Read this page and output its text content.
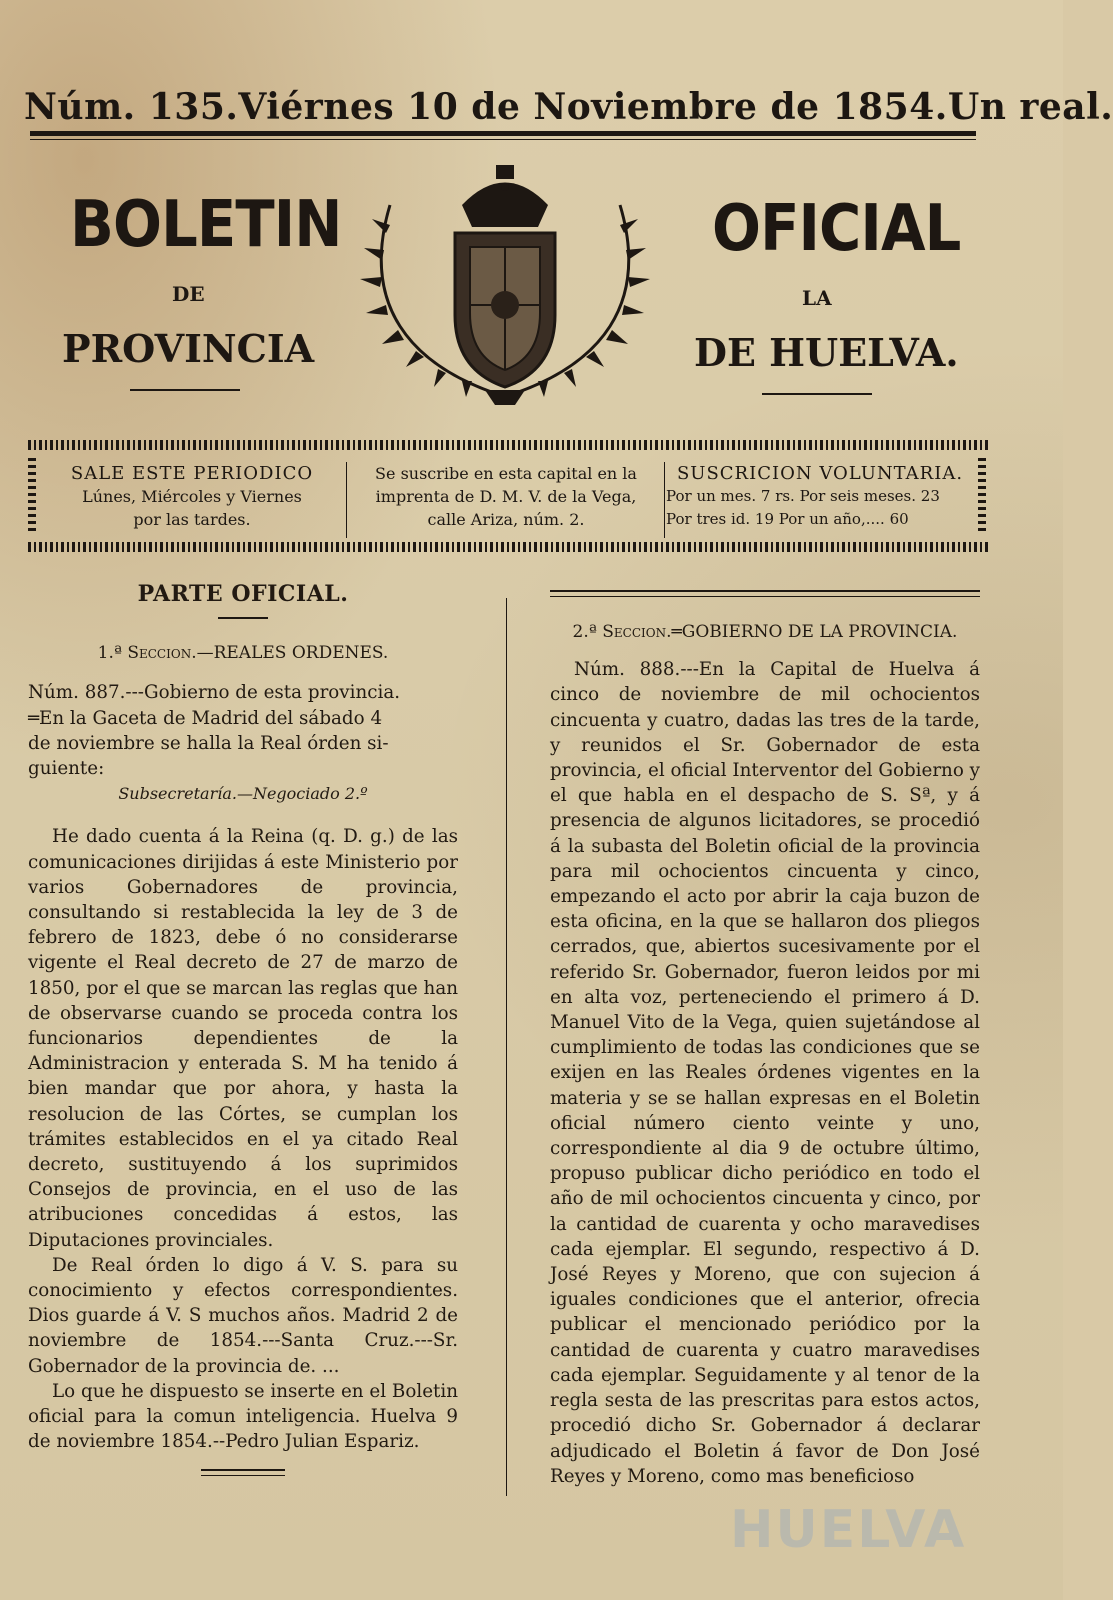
Núm. 135. Viérnes 10 de Noviembre de 1854. Un real.
BOLETIN	OFICIAL
DE	LA
PROVINCIA	DE HUELVA.
SALE ESTE PERIODICO
Lúnes, Miércoles y Viernes
por las tardes.
Se suscribe en esta capital en la
imprenta de D. M. V. de la Vega,
calle Ariza, núm. 2.
SUSCRICION VOLUNTARIA.
Por un mes. 7 rs. Por seis meses. 23
Por tres id. 19 Por un año,.... 60

PARTE OFICIAL.

1.ª Seccion.—REALES ORDENES.

Núm. 887.---Gobierno de esta provincia.

═En la Gaceta de Madrid del sábado 4

de noviembre se halla la Real órden si-

guiente:

Subsecretaría.—Negociado 2.º

He dado cuenta á la Reina (q. D. g.) de las comunicaciones dirijidas á este Ministerio por varios Gobernadores de provincia, consultando si restablecida la ley de 3 de febrero de 1823, debe ó no considerarse vigente el Real decreto de 27 de marzo de 1850, por el que se marcan las reglas que han de observarse cuando se proceda contra los funcionarios dependientes de la Administracion y enterada S. M ha tenido á bien mandar que por ahora, y hasta la resolucion de las Córtes, se cumplan los trámites establecidos en el ya citado Real decreto, sustituyendo á los suprimidos Consejos de provincia, en el uso de las atribuciones concedidas á estos, las Diputaciones provinciales.

De Real órden lo digo á V. S. para su conocimiento y efectos correspondientes. Dios guarde á V. S muchos años. Madrid 2 de noviembre de 1854.---Santa Cruz.---Sr. Gobernador de la provincia de. ...

Lo que he dispuesto se inserte en el Boletin oficial para la comun inteligencia. Huelva 9 de noviembre 1854.--Pedro Julian Espariz.

2.ª Seccion.═GOBIERNO DE LA PROVINCIA.

Núm. 888.---En la Capital de Huelva á cinco de noviembre de mil ochocientos cincuenta y cuatro, dadas las tres de la tarde, y reunidos el Sr. Gobernador de esta provincia, el oficial Interventor del Gobierno y el que habla en el despacho de S. Sª, y á presencia de algunos licitadores, se procedió á la subasta del Boletin oficial de la provincia para mil ochocientos cincuenta y cinco, empezando el acto por abrir la caja buzon de esta oficina, en la que se hallaron dos pliegos cerrados, que, abiertos sucesivamente por el referido Sr. Gobernador, fueron leidos por mi en alta voz, perteneciendo el primero á D. Manuel Vito de la Vega, quien sujetándose al cumplimiento de todas las condiciones que se exijen en las Reales órdenes vigentes en la materia y se se hallan expresas en el Boletin oficial número ciento veinte y uno, correspondiente al dia 9 de octubre último, propuso publicar dicho periódico en todo el año de mil ochocientos cincuenta y cinco, por la cantidad de cuarenta y ocho maravedises cada ejemplar. El segundo, respectivo á D. José Reyes y Moreno, que con sujecion á iguales condiciones que el anterior, ofrecia publicar el mencionado periódico por la cantidad de cuarenta y cuatro maravedises cada ejemplar. Seguidamente y al tenor de la regla sesta de las prescritas para estos actos, procedió dicho Sr. Gobernador á declarar adjudicado el Boletin á favor de Don José Reyes y Moreno, como mas beneficioso

HUELVA
